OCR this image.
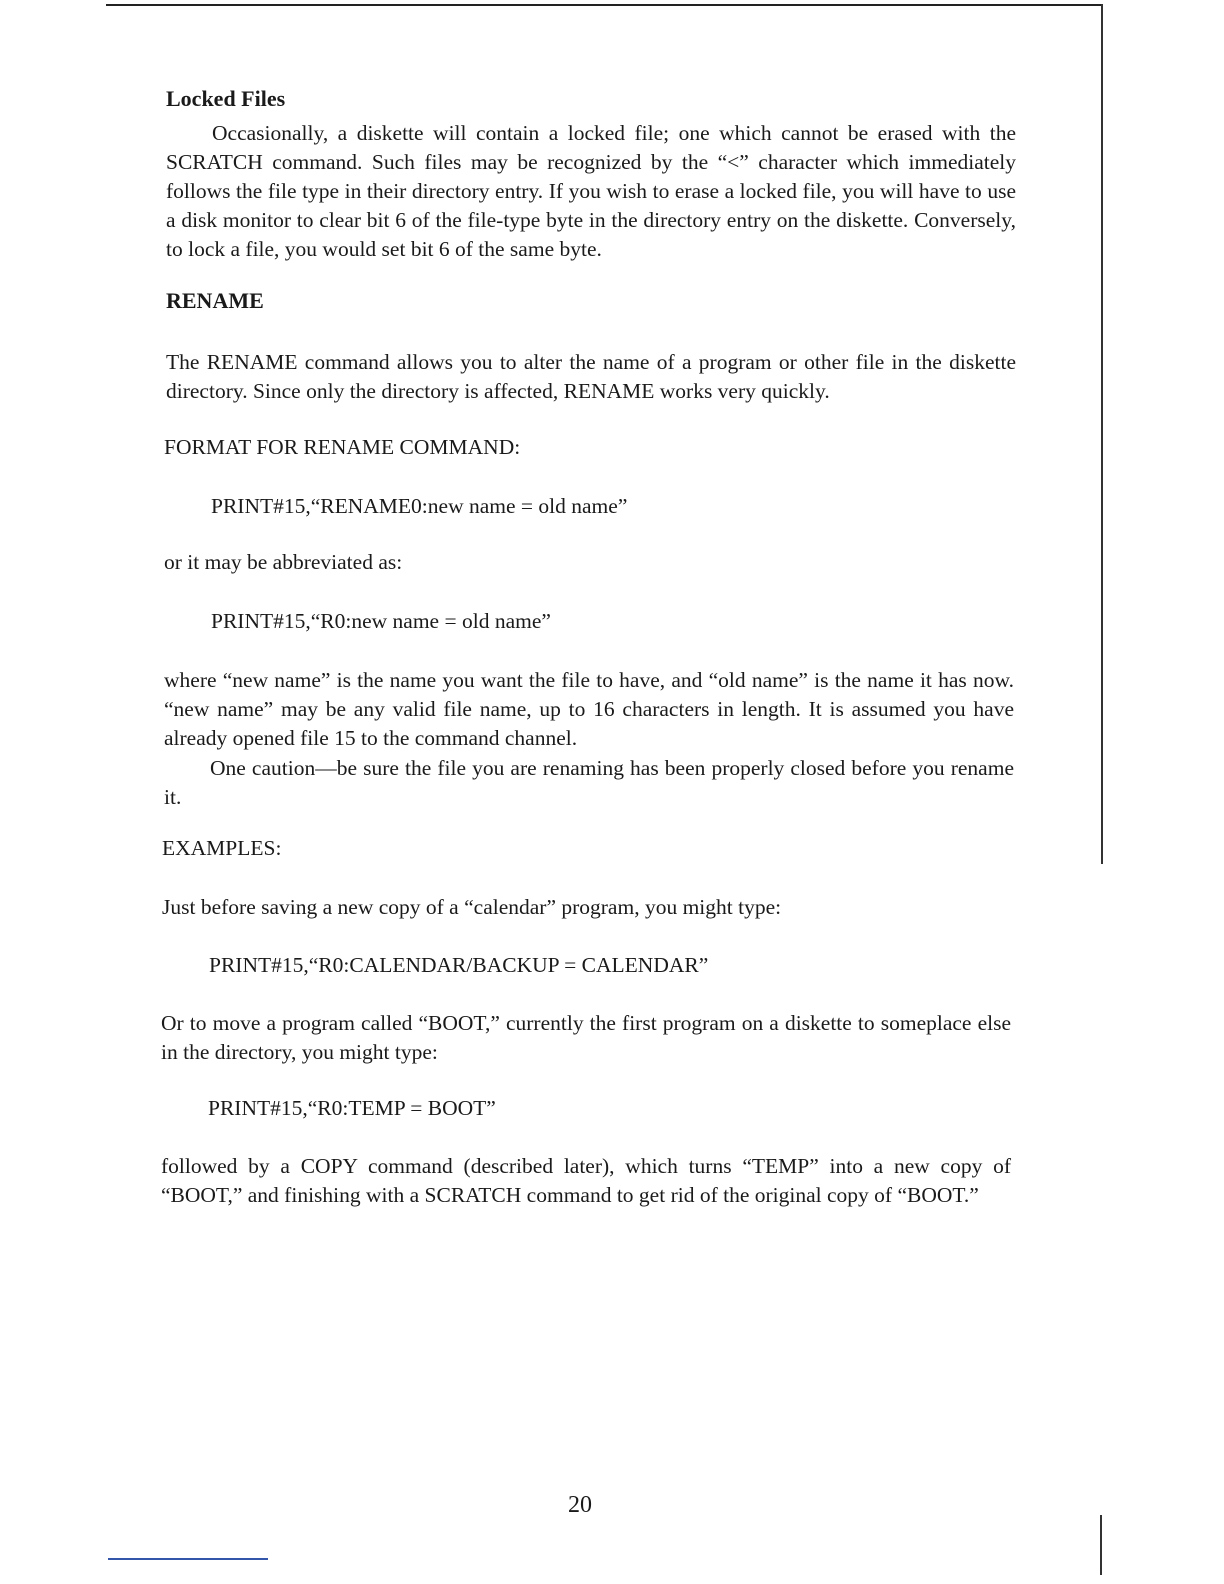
Locked Files

Occasionally, a diskette will contain a locked file; one which cannot be erased with the SCRATCH command. Such files may be recognized by the “<” character which immediately follows the file type in their directory entry. If you wish to erase a locked file, you will have to use a disk monitor to clear bit 6 of the file-type byte in the directory entry on the diskette. Conversely, to lock a file, you would set bit 6 of the same byte.

RENAME

The RENAME command allows you to alter the name of a program or other file in the diskette directory. Since only the directory is affected, RENAME works very quickly.

FORMAT FOR RENAME COMMAND:

PRINT#15,“RENAME0:new name = old name”

or it may be abbreviated as:

PRINT#15,“R0:new name = old name”

where “new name” is the name you want the file to have, and “old name” is the name it has now. “new name” may be any valid file name, up to 16 characters in length. It is assumed you have already opened file 15 to the command channel.

One caution—be sure the file you are renaming has been properly closed before you rename it.

EXAMPLES:

Just before saving a new copy of a “calendar” program, you might type:

PRINT#15,“R0:CALENDAR/BACKUP = CALENDAR”

Or to move a program called “BOOT,” currently the first program on a diskette to someplace else in the directory, you might type:

PRINT#15,“R0:TEMP = BOOT”

followed by a COPY command (described later), which turns “TEMP” into a new copy of “BOOT,” and finishing with a SCRATCH command to get rid of the original copy of “BOOT.”

20
